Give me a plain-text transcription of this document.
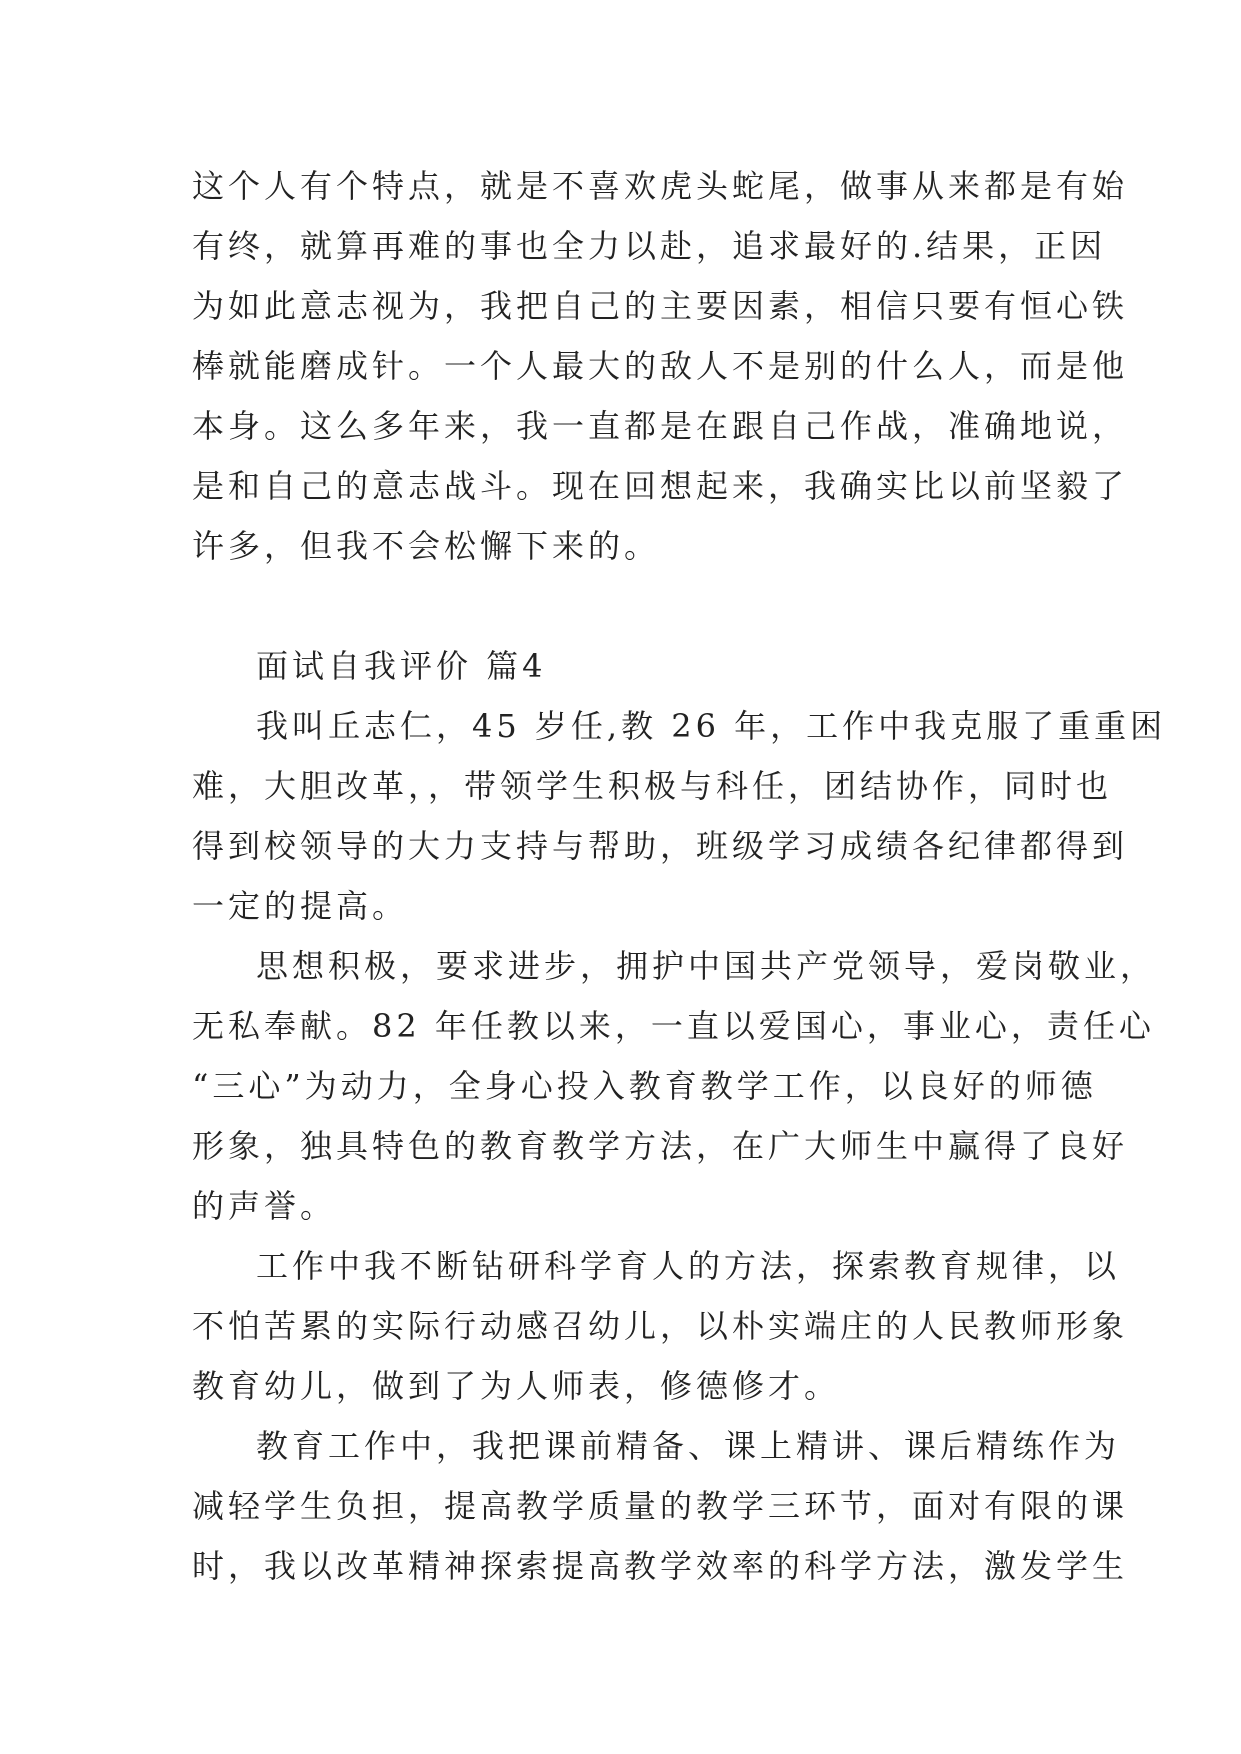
这个人有个特点，就是不喜欢虎头蛇尾，做事从来都是有始
有终，就算再难的事也全力以赴，追求最好的.结果，正因
为如此意志视为，我把自己的主要因素，相信只要有恒心铁
棒就能磨成针。一个人最大的敌人不是别的什么人，而是他
本身。这么多年来，我一直都是在跟自己作战，准确地说，
是和自己的意志战斗。现在回想起来，我确实比以前坚毅了
许多，但我不会松懈下来的。
面试自我评价 篇4
我叫丘志仁，45 岁任,教 26 年，工作中我克服了重重困
难，大胆改革，，带领学生积极与科任，团结协作，同时也
得到校领导的大力支持与帮助，班级学习成绩各纪律都得到
一定的提高。
思想积极，要求进步，拥护中国共产党领导，爱岗敬业，
无私奉献。82 年任教以来，一直以爱国心，事业心，责任心
“三心”为动力，全身心投入教育教学工作，以良好的师德
形象，独具特色的教育教学方法，在广大师生中赢得了良好
的声誉。
工作中我不断钻研科学育人的方法，探索教育规律，以
不怕苦累的实际行动感召幼儿，以朴实端庄的人民教师形象
教育幼儿，做到了为人师表，修德修才。
教育工作中，我把课前精备、课上精讲、课后精练作为
减轻学生负担，提高教学质量的教学三环节，面对有限的课
时，我以改革精神探索提高教学效率的科学方法，激发学生
